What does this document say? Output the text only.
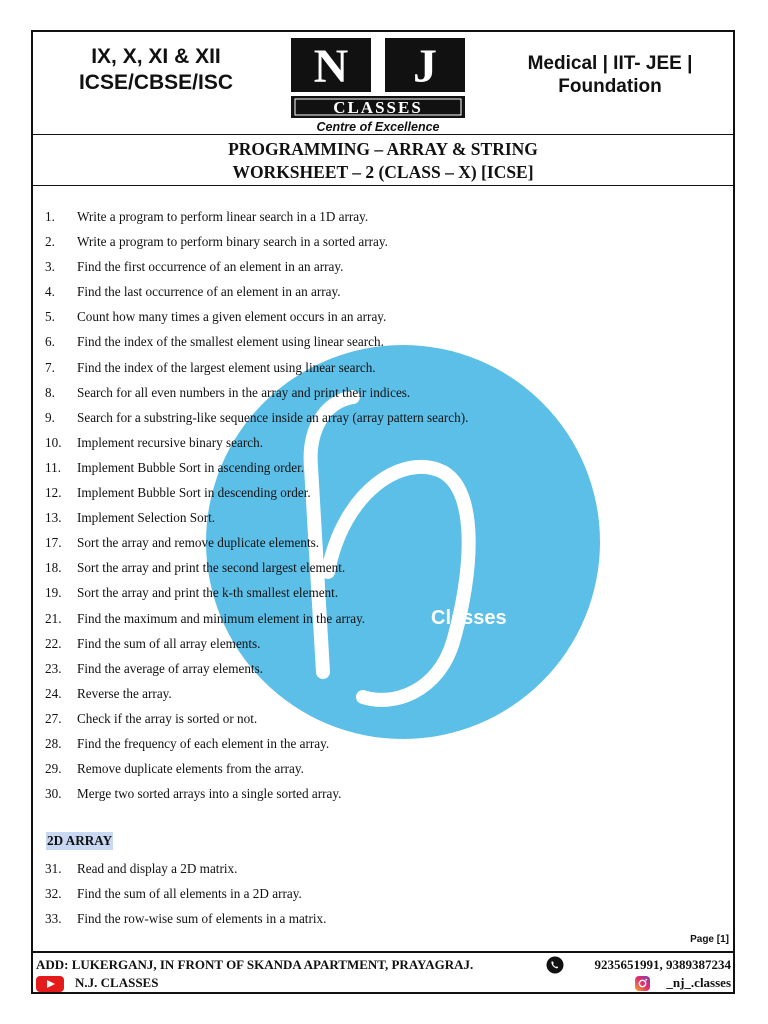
IX, X, XI & XII
ICSE/CBSE/ISC	N J
CLASSES
Centre of Excellence
Medical | IIT- JEE |
Foundation
PROGRAMMING – ARRAY & STRING
WORKSHEET – 2 (CLASS – X) [ICSE]
Classes
1.	Write a program to perform linear search in a 1D array.
2.	Write a program to perform binary search in a sorted array.
3.	Find the first occurrence of an element in an array.
4.	Find the last occurrence of an element in an array.
5.	Count how many times a given element occurs in an array.
6.	Find the index of the smallest element using linear search.
7.	Find the index of the largest element using linear search.
8.	Search for all even numbers in the array and print their indices.
9.	Search for a substring-like sequence inside an array (array pattern search).
10.	Implement recursive binary search.
11.	Implement Bubble Sort in ascending order.
12.	Implement Bubble Sort in descending order.
13.	Implement Selection Sort.
17.	Sort the array and remove duplicate elements.
18.	Sort the array and print the second largest element.
19.	Sort the array and print the k-th smallest element.
21.	Find the maximum and minimum element in the array.
22.	Find the sum of all array elements.
23.	Find the average of array elements.
24.	Reverse the array.
27.	Check if the array is sorted or not.
28.	Find the frequency of each element in the array.
29.	Remove duplicate elements from the array.
30.	Merge two sorted arrays into a single sorted array.
2D ARRAY
31.	Read and display a 2D matrix.
32.	Find the sum of all elements in a 2D array.
33.	Find the row-wise sum of elements in a matrix.
Page [1]
ADD: LUKERGANJ, IN FRONT OF SKANDA APARTMENT, PRAYAGRAJ.	9235651991, 9389387234
N.J. CLASSES	_nj_.classes
